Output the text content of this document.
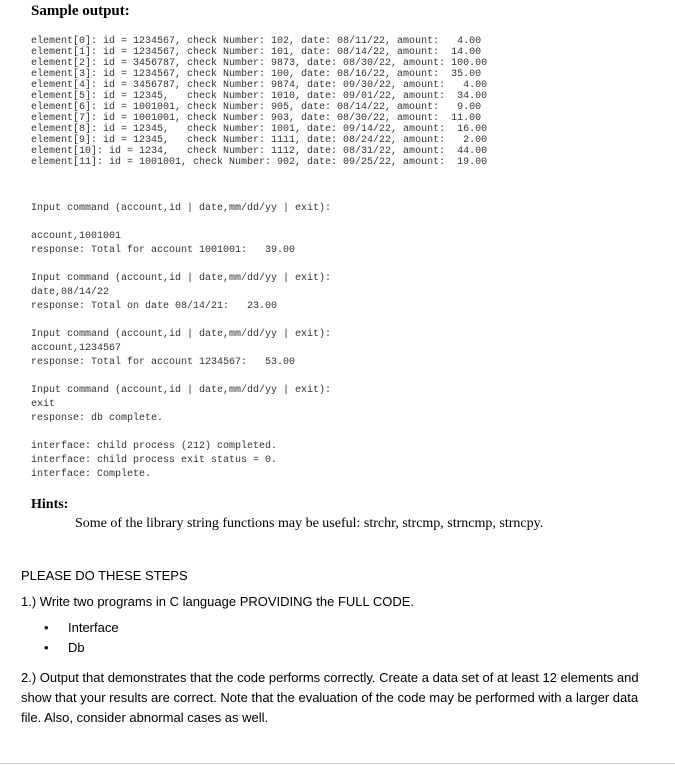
Sample output:
element[0]: id = 1234567, check Number: 102, date: 08/11/22, amount:   4.00
element[1]: id = 1234567, check Number: 101, date: 08/14/22, amount:  14.00
element[2]: id = 3456787, check Number: 9873, date: 08/30/22, amount: 100.00
element[3]: id = 1234567, check Number: 100, date: 08/16/22, amount:  35.00
element[4]: id = 3456787, check Number: 9874, date: 09/30/22, amount:   4.00
element[5]: id = 12345,   check Number: 1010, date: 09/01/22, amount:  34.00
element[6]: id = 1001001, check Number: 905, date: 08/14/22, amount:   9.00
element[7]: id = 1001001, check Number: 903, date: 08/30/22, amount:  11.00
element[8]: id = 12345,   check Number: 1001, date: 09/14/22, amount:  16.00
element[9]: id = 12345,   check Number: 1111, date: 08/24/22, amount:   2.00
element[10]: id = 1234,   check Number: 1112, date: 08/31/22, amount:  44.00
element[11]: id = 1001001, check Number: 902, date: 09/25/22, amount:  19.00
Input command (account,id | date,mm/dd/yy | exit):
account,1001001
response: Total for account 1001001:   39.00
Input command (account,id | date,mm/dd/yy | exit):
date,08/14/22
response: Total on date 08/14/21:   23.00
Input command (account,id | date,mm/dd/yy | exit):
account,1234567
response: Total for account 1234567:   53.00
Input command (account,id | date,mm/dd/yy | exit):
exit
response: db complete.
interface: child process (212) completed.
interface: child process exit status = 0.
interface: Complete.
Hints:
Some of the library string functions may be useful: strchr, strcmp, strncmp, strncpy.

PLEASE DO THESE STEPS

1.) Write two programs in C language PROVIDING the FULL CODE.

• Interface
• Db

2.) Output that demonstrates that the code performs correctly. Create a data set of at least 12 elements and show that your results are correct. Note that the evaluation of the code may be performed with a larger data file. Also, consider abnormal cases as well.
